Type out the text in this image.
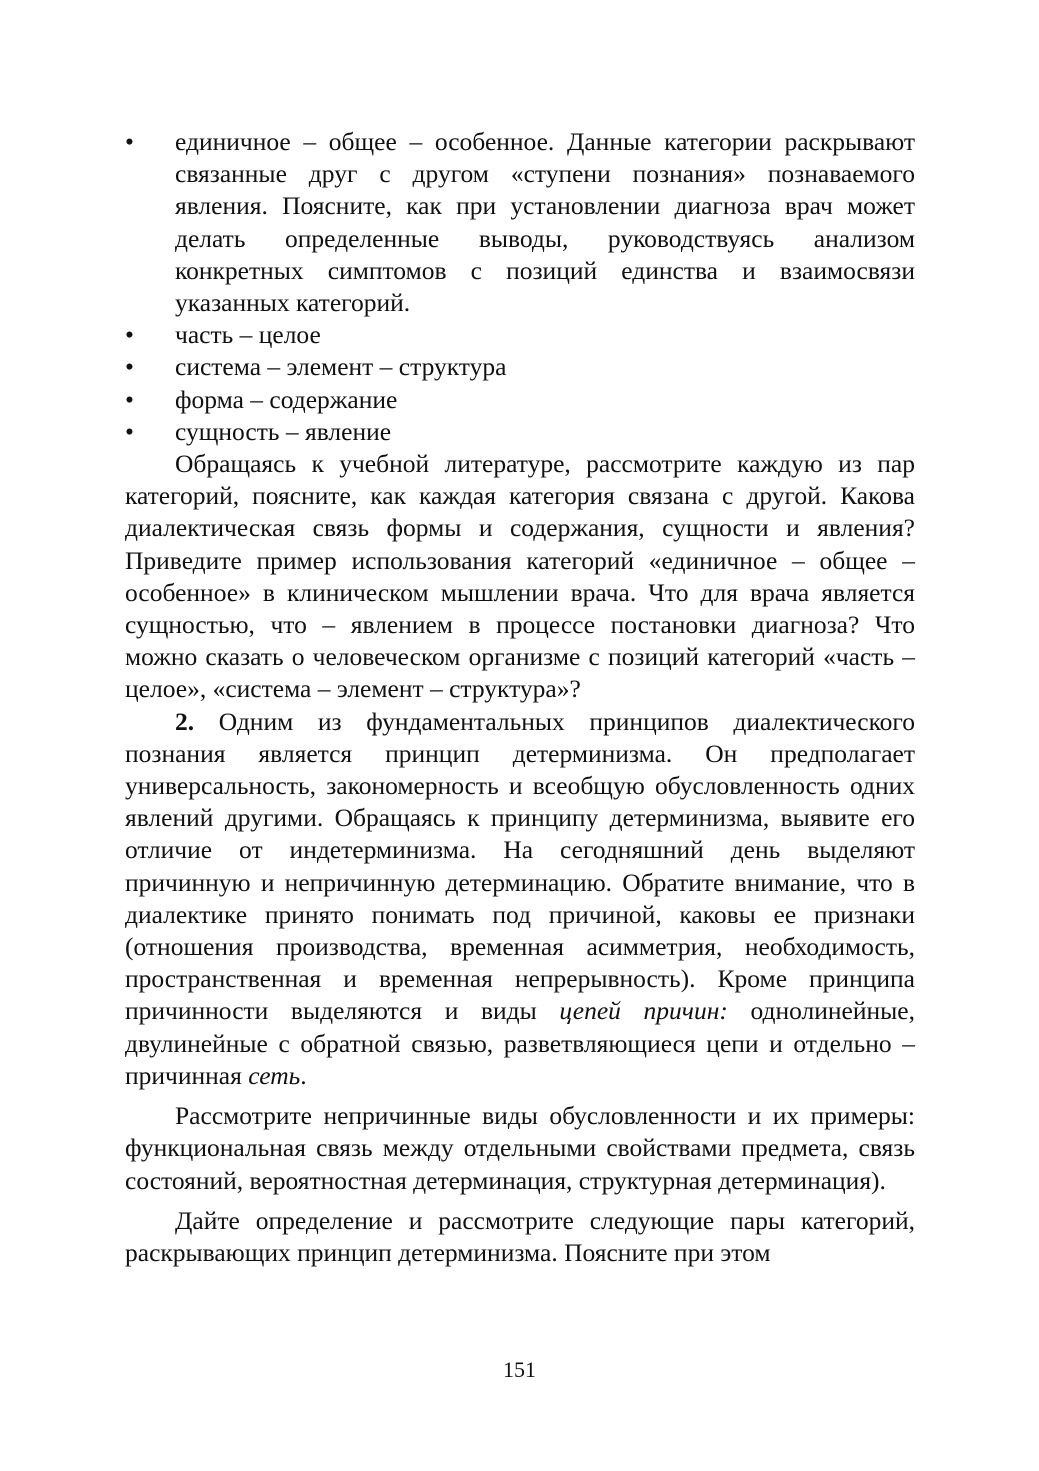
•	единичное – общее – особенное. Данные категории раскрывают связанные друг с другом «ступени познания» познаваемого явления. Поясните, как при установлении диагноза врач может делать определенные выводы, руководствуясь анализом конкретных симптомов с позиций единства и взаимосвязи указанных категорий.
•	часть – целое
•	система – элемент – структура
•	форма – содержание
•	сущность – явление

Обращаясь к учебной литературе, рассмотрите каждую из пар категорий, поясните, как каждая категория связана с другой. Какова диалектическая связь формы и содержания, сущности и явления? Приведите пример использования категорий «единичное – общее – особенное» в клиническом мышлении врача. Что для врача является сущностью, что – явлением в процессе постановки диагноза? Что можно сказать о человеческом организме с позиций категорий «часть – целое», «система – элемент – структура»?

2. Одним из фундаментальных принципов диалектического познания является принцип детерминизма. Он предполагает универсальность, закономерность и всеобщую обусловленность одних явлений другими. Обращаясь к принципу детерминизма, выявите его отличие от индетерминизма. На сегодняшний день выделяют причинную и непричинную детерминацию. Обратите внимание, что в диалектике принято понимать под причиной, каковы ее признаки (отношения производства, временная асимметрия, необходимость, пространственная и временная непрерывность). Кроме принципа причинности выделяются и виды цепей причин: однолинейные, двулинейные с обратной связью, разветвляющиеся цепи и отдельно – причинная сеть.

Рассмотрите непричинные виды обусловленности и их примеры: функциональная связь между отдельными свойствами предмета, связь состояний, вероятностная детерминация, структурная детерминация).

Дайте определение и рассмотрите следующие пары категорий, раскрывающих принцип детерминизма. Поясните при этом

151
